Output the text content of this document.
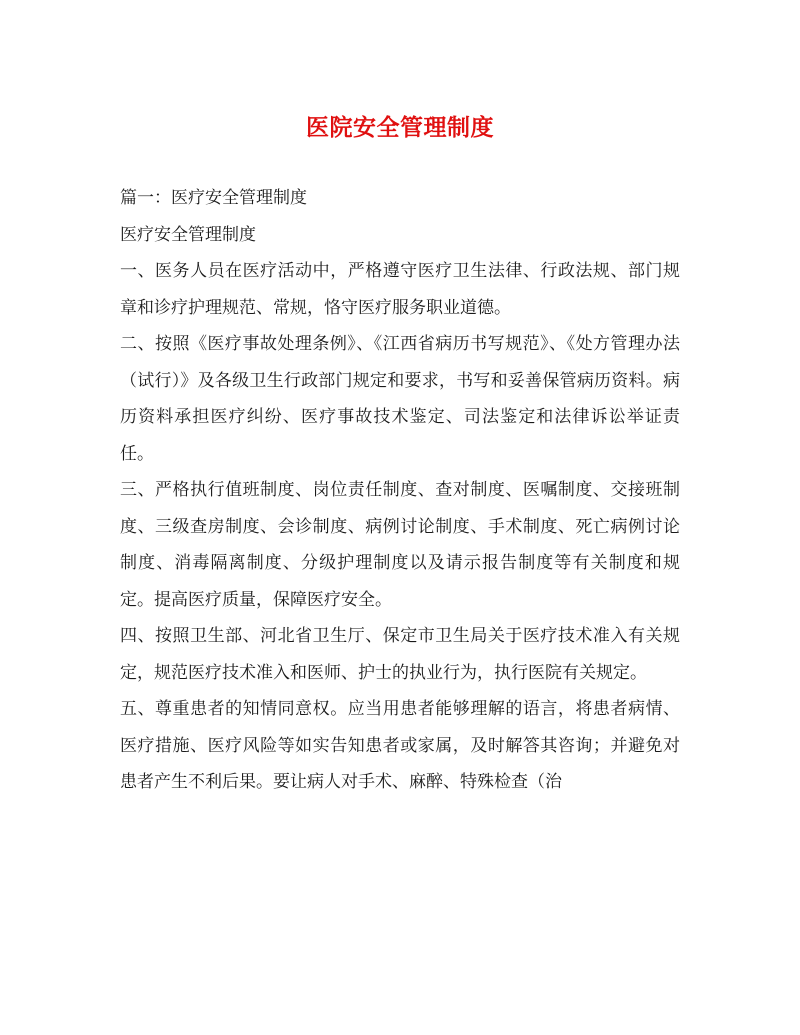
医院安全管理制度

篇一：医疗安全管理制度

医疗安全管理制度

一、医务人员在医疗活动中，严格遵守医疗卫生法律、行政法规、部门规章和诊疗护理规范、常规，恪守医疗服务职业道德。

二、按照《医疗事故处理条例》、《江西省病历书写规范》、《处方管理办法（试行）》及各级卫生行政部门规定和要求，书写和妥善保管病历资料。病历资料承担医疗纠纷、医疗事故技术鉴定、司法鉴定和法律诉讼举证责任。

三、严格执行值班制度、岗位责任制度、查对制度、医嘱制度、交接班制度、三级查房制度、会诊制度、病例讨论制度、手术制度、死亡病例讨论制度、消毒隔离制度、分级护理制度以及请示报告制度等有关制度和规定。提高医疗质量，保障医疗安全。

四、按照卫生部、河北省卫生厅、保定市卫生局关于医疗技术准入有关规定，规范医疗技术准入和医师、护士的执业行为，执行医院有关规定。

五、尊重患者的知情同意权。应当用患者能够理解的语言，将患者病情、医疗措施、医疗风险等如实告知患者或家属，及时解答其咨询；并避免对患者产生不利后果。要让病人对手术、麻醉、特殊检查（治
